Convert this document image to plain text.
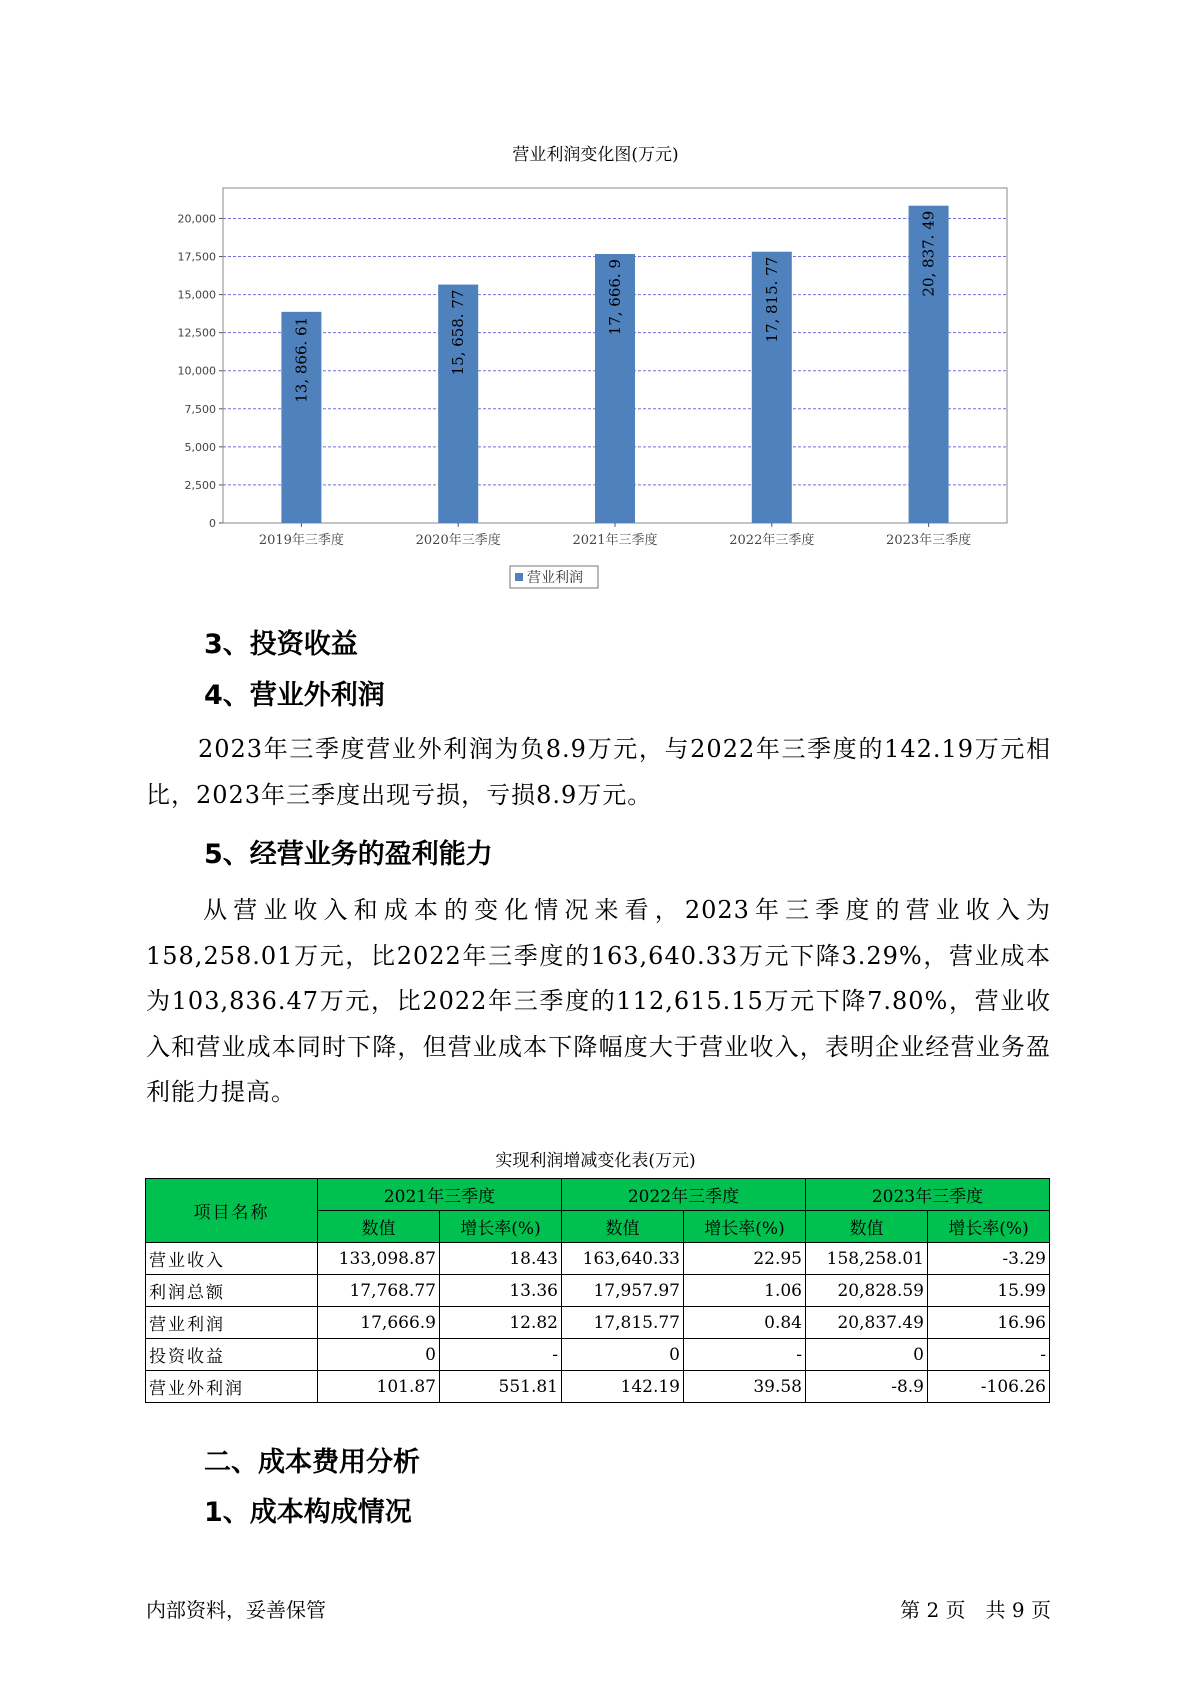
营业利润变化图(万元)
0
2,500
5,000
7,500
10,000
12,500
15,000
17,500
20,000
13, 866. 61
2019年三季度
15, 658. 77
2020年三季度
17, 666. 9
2021年三季度
17, 815. 77
2022年三季度
20, 837. 49
2023年三季度
营业利润
3、投资收益
4、营业外利润
2023年三季度营业外利润为负8.9万元，与2022年三季度的142.19万元相比，2023年三季度出现亏损，亏损8.9万元。
5、经营业务的盈利能力
从营业收入和成本的变化情况来看，2023年三季度的营业收入为158,258.01万元，比2022年三季度的163,640.33万元下降3.29%，营业成本为103,836.47万元，比2022年三季度的112,615.15万元下降7.80%，营业收入和营业成本同时下降，但营业成本下降幅度大于营业收入，表明企业经营业务盈利能力提高。
实现利润增减变化表(万元)
项目名称	2021年三季度		2022年三季度		2023年三季度	
	数值	增长率(%)	数值	增长率(%)	数值	增长率(%)
营业收入	133,098.87	18.43	163,640.33	22.95	158,258.01	-3.29
利润总额	17,768.77	13.36	17,957.97	1.06	20,828.59	15.99
营业利润	17,666.9	12.82	17,815.77	0.84	20,837.49	16.96
投资收益	0	-	0	-	0	-
营业外利润	101.87	551.81	142.19	39.58	-8.9	-106.26
二、成本费用分析
1、成本构成情况
内部资料，妥善保管	第 2 页　共 9 页
